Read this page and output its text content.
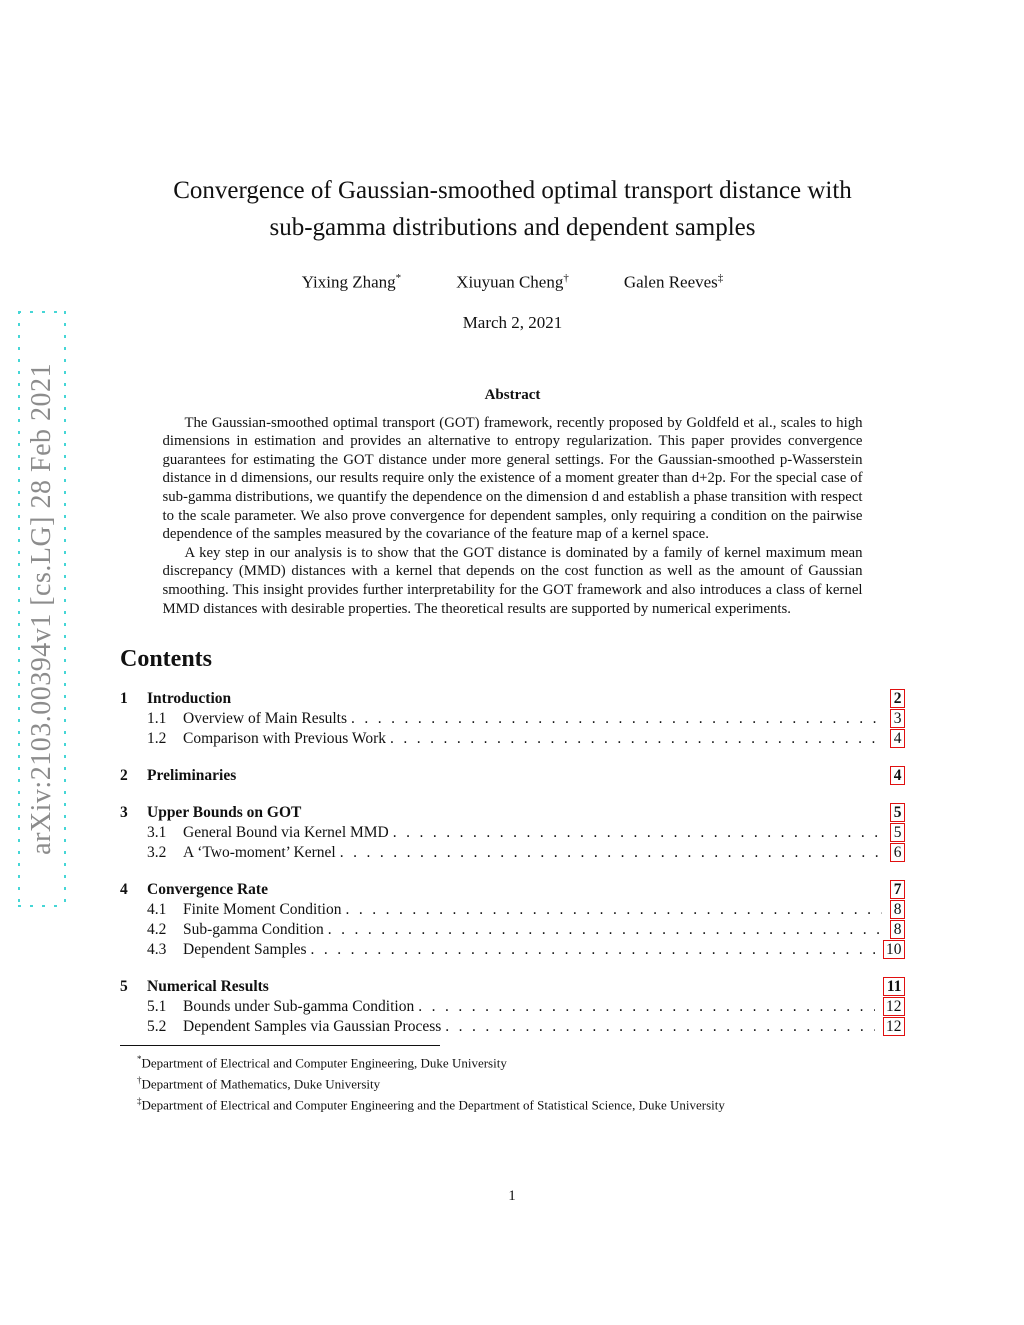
arXiv:2103.00394v1 [cs.LG] 28 Feb 2021
Convergence of Gaussian-smoothed optimal transport distance with
sub-gamma distributions and dependent samples
Yixing Zhang*	Xiuyuan Cheng†	Galen Reeves‡
March 2, 2021
Abstract

The Gaussian-smoothed optimal transport (GOT) framework, recently proposed by Goldfeld et al., scales to high dimensions in estimation and provides an alternative to entropy regularization. This paper provides convergence guarantees for estimating the GOT distance under more general settings. For the Gaussian-smoothed p-Wasserstein distance in d dimensions, our results require only the existence of a moment greater than d+2p. For the special case of sub-gamma distributions, we quantify the dependence on the dimension d and establish a phase transition with respect to the scale parameter. We also prove convergence for dependent samples, only requiring a condition on the pairwise dependence of the samples measured by the covariance of the feature map of a kernel space.

A key step in our analysis is to show that the GOT distance is dominated by a family of kernel maximum mean discrepancy (MMD) distances with a kernel that depends on the cost function as well as the amount of Gaussian smoothing. This insight provides further interpretability for the GOT framework and also introduces a class of kernel MMD distances with desirable properties. The theoretical results are supported by numerical experiments.

Contents
1	Introduction	2
1.1	Overview of Main Results .....	3
1.2	Comparison with Previous Work .....	4
2	Preliminaries	4
3	Upper Bounds on GOT	5
3.1	General Bound via Kernel MMD .....	5
3.2	A ‘Two-moment’ Kernel .....	6
4	Convergence Rate	7
4.1	Finite Moment Condition .....	8
4.2	Sub-gamma Condition .....	8
4.3	Dependent Samples .....	10
5	Numerical Results	11
5.1	Bounds under Sub-gamma Condition .....	12
5.2	Dependent Samples via Gaussian Process .....	12
*Department of Electrical and Computer Engineering, Duke University
†Department of Mathematics, Duke University
‡Department of Electrical and Computer Engineering and the Department of Statistical Science, Duke University
1
